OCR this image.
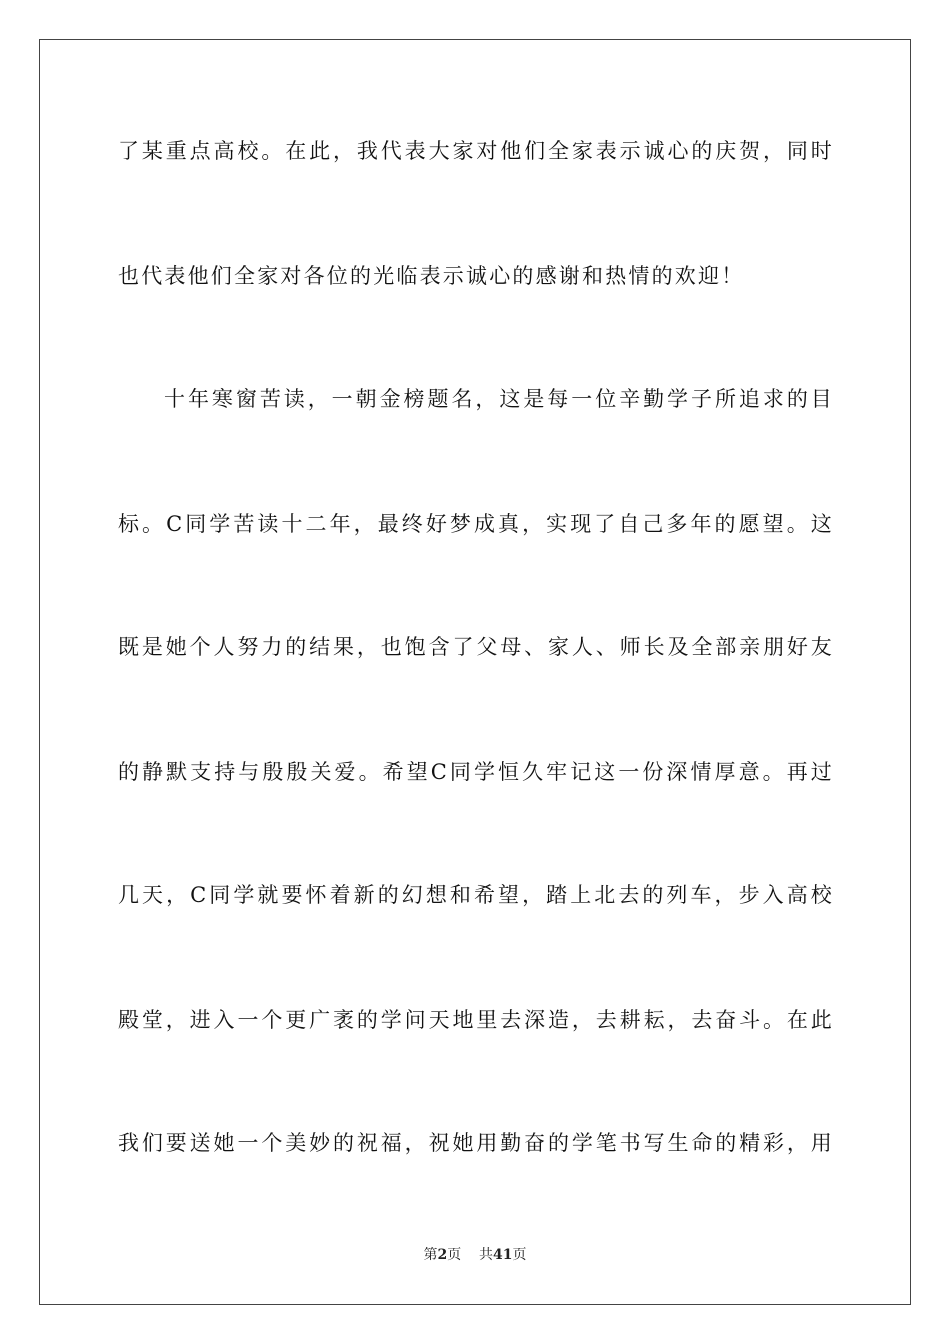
了某重点高校。在此，我代表大家对他们全家表示诚心的庆贺，同时
也代表他们全家对各位的光临表示诚心的感谢和热情的欢迎！
十年寒窗苦读，一朝金榜题名，这是每一位辛勤学子所追求的目
标。C同学苦读十二年，最终好梦成真，实现了自己多年的愿望。这
既是她个人努力的结果，也饱含了父母、家人、师长及全部亲朋好友
的静默支持与殷殷关爱。希望C同学恒久牢记这一份深情厚意。再过
几天，C同学就要怀着新的幻想和希望，踏上北去的列车，步入高校
殿堂，进入一个更广袤的学问天地里去深造，去耕耘，去奋斗。在此
我们要送她一个美妙的祝福，祝她用勤奋的学笔书写生命的精彩，用
第2页 共41页
